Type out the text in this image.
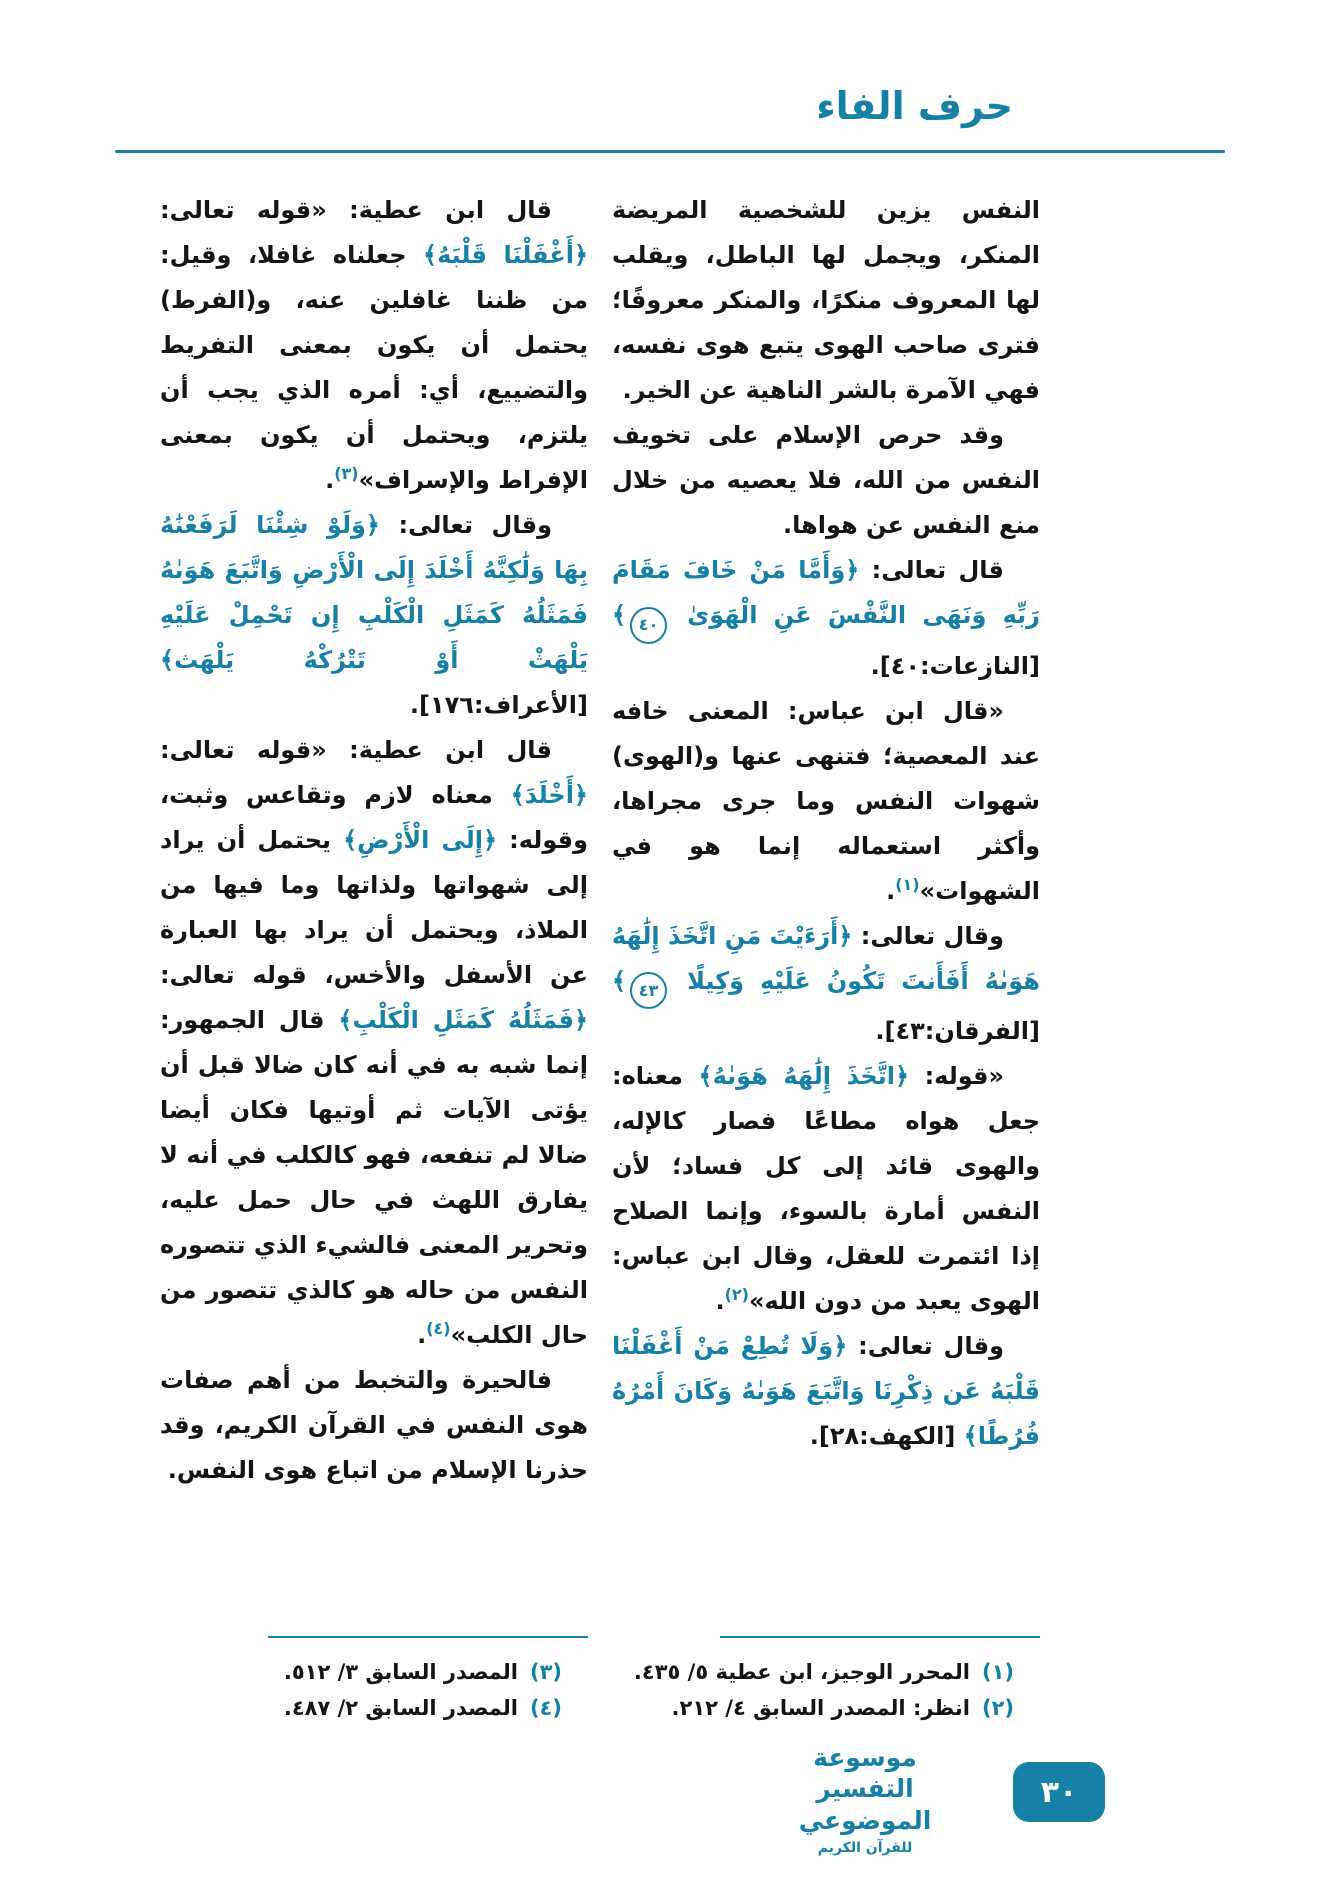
حرف الفاء

النفس يزين للشخصية المريضة المنكر، ويجمل لها الباطل، ويقلب لها المعروف منكرًا، والمنكر معروفًا؛ فترى صاحب الهوى يتبع هوى نفسه، فهي الآمرة بالشر الناهية عن الخير.

وقد حرص الإسلام على تخويف النفس من الله، فلا يعصيه من خلال منع النفس عن هواها.

قال تعالى: ﴿وَأَمَّا مَنْ خَافَ مَقَامَ رَبِّهِ وَنَهَى النَّفْسَ عَنِ الْهَوَىٰ ٤٠﴾ [النازعات:٤٠].

«قال ابن عباس: المعنى خافه عند المعصية؛ فتنهى عنها و(الهوى) شهوات النفس وما جرى مجراها، وأكثر استعماله إنما هو في الشهوات»$^{(١)}$.

وقال تعالى: ﴿أَرَءَيْتَ مَنِ اتَّخَذَ إِلَٰهَهُ هَوَىٰهُ أَفَأَنتَ تَكُونُ عَلَيْهِ وَكِيلًا ٤٣﴾ [الفرقان:٤٣].

«قوله: ﴿اتَّخَذَ إِلَٰهَهُ هَوَىٰهُ﴾ معناه: جعل هواه مطاعًا فصار كالإله، والهوى قائد إلى كل فساد؛ لأن النفس أمارة بالسوء، وإنما الصلاح إذا ائتمرت للعقل، وقال ابن عباس: الهوى يعبد من دون الله»$^{(٢)}$.

وقال تعالى: ﴿وَلَا تُطِعْ مَنْ أَغْفَلْنَا قَلْبَهُ عَن ذِكْرِنَا وَاتَّبَعَ هَوَىٰهُ وَكَانَ أَمْرُهُ فُرُطًا﴾ [الكهف:٢٨].

قال ابن عطية: «قوله تعالى: ﴿أَغْفَلْنَا قَلْبَهُ﴾ جعلناه غافلا، وقيل: من ظننا غافلين عنه، و(الفرط) يحتمل أن يكون بمعنى التفريط والتضييع، أي: أمره الذي يجب أن يلتزم، ويحتمل أن يكون بمعنى الإفراط والإسراف»$^{(٣)}$.

وقال تعالى: ﴿وَلَوْ شِئْنَا لَرَفَعْنَٰهُ بِهَا وَلَٰكِنَّهُ أَخْلَدَ إِلَى الْأَرْضِ وَاتَّبَعَ هَوَىٰهُ فَمَثَلُهُ كَمَثَلِ الْكَلْبِ إِن تَحْمِلْ عَلَيْهِ يَلْهَثْ أَوْ تَتْرُكْهُ يَلْهَث﴾ [الأعراف:١٧٦].

قال ابن عطية: «قوله تعالى: ﴿أَخْلَدَ﴾ معناه لازم وتقاعس وثبت، وقوله: ﴿إِلَى الْأَرْضِ﴾ يحتمل أن يراد إلى شهواتها ولذاتها وما فيها من الملاذ، ويحتمل أن يراد بها العبارة عن الأسفل والأخس، قوله تعالى: ﴿فَمَثَلُهُ كَمَثَلِ الْكَلْبِ﴾ قال الجمهور: إنما شبه به في أنه كان ضالا قبل أن يؤتى الآيات ثم أوتيها فكان أيضا ضالا لم تنفعه، فهو كالكلب في أنه لا يفارق اللهث في حال حمل عليه، وتحرير المعنى فالشيء الذي تتصوره النفس من حاله هو كالذي تتصور من حال الكلب»$^{(٤)}$.

فالحيرة والتخبط من أهم صفات هوى النفس في القرآن الكريم، وقد حذرنا الإسلام من اتباع هوى النفس.

(١)
المحرر الوجيز، ابن عطية ٥/ ٤٣٥.
(٢)
انظر: المصدر السابق ٤/ ٢١٢.
(٣)
المصدر السابق ٣/ ٥١٢.
(٤)
المصدر السابق ٢/ ٤٨٧.
موسوعة التفسير الموضوعي
للقرآن الكريم
٣٠
